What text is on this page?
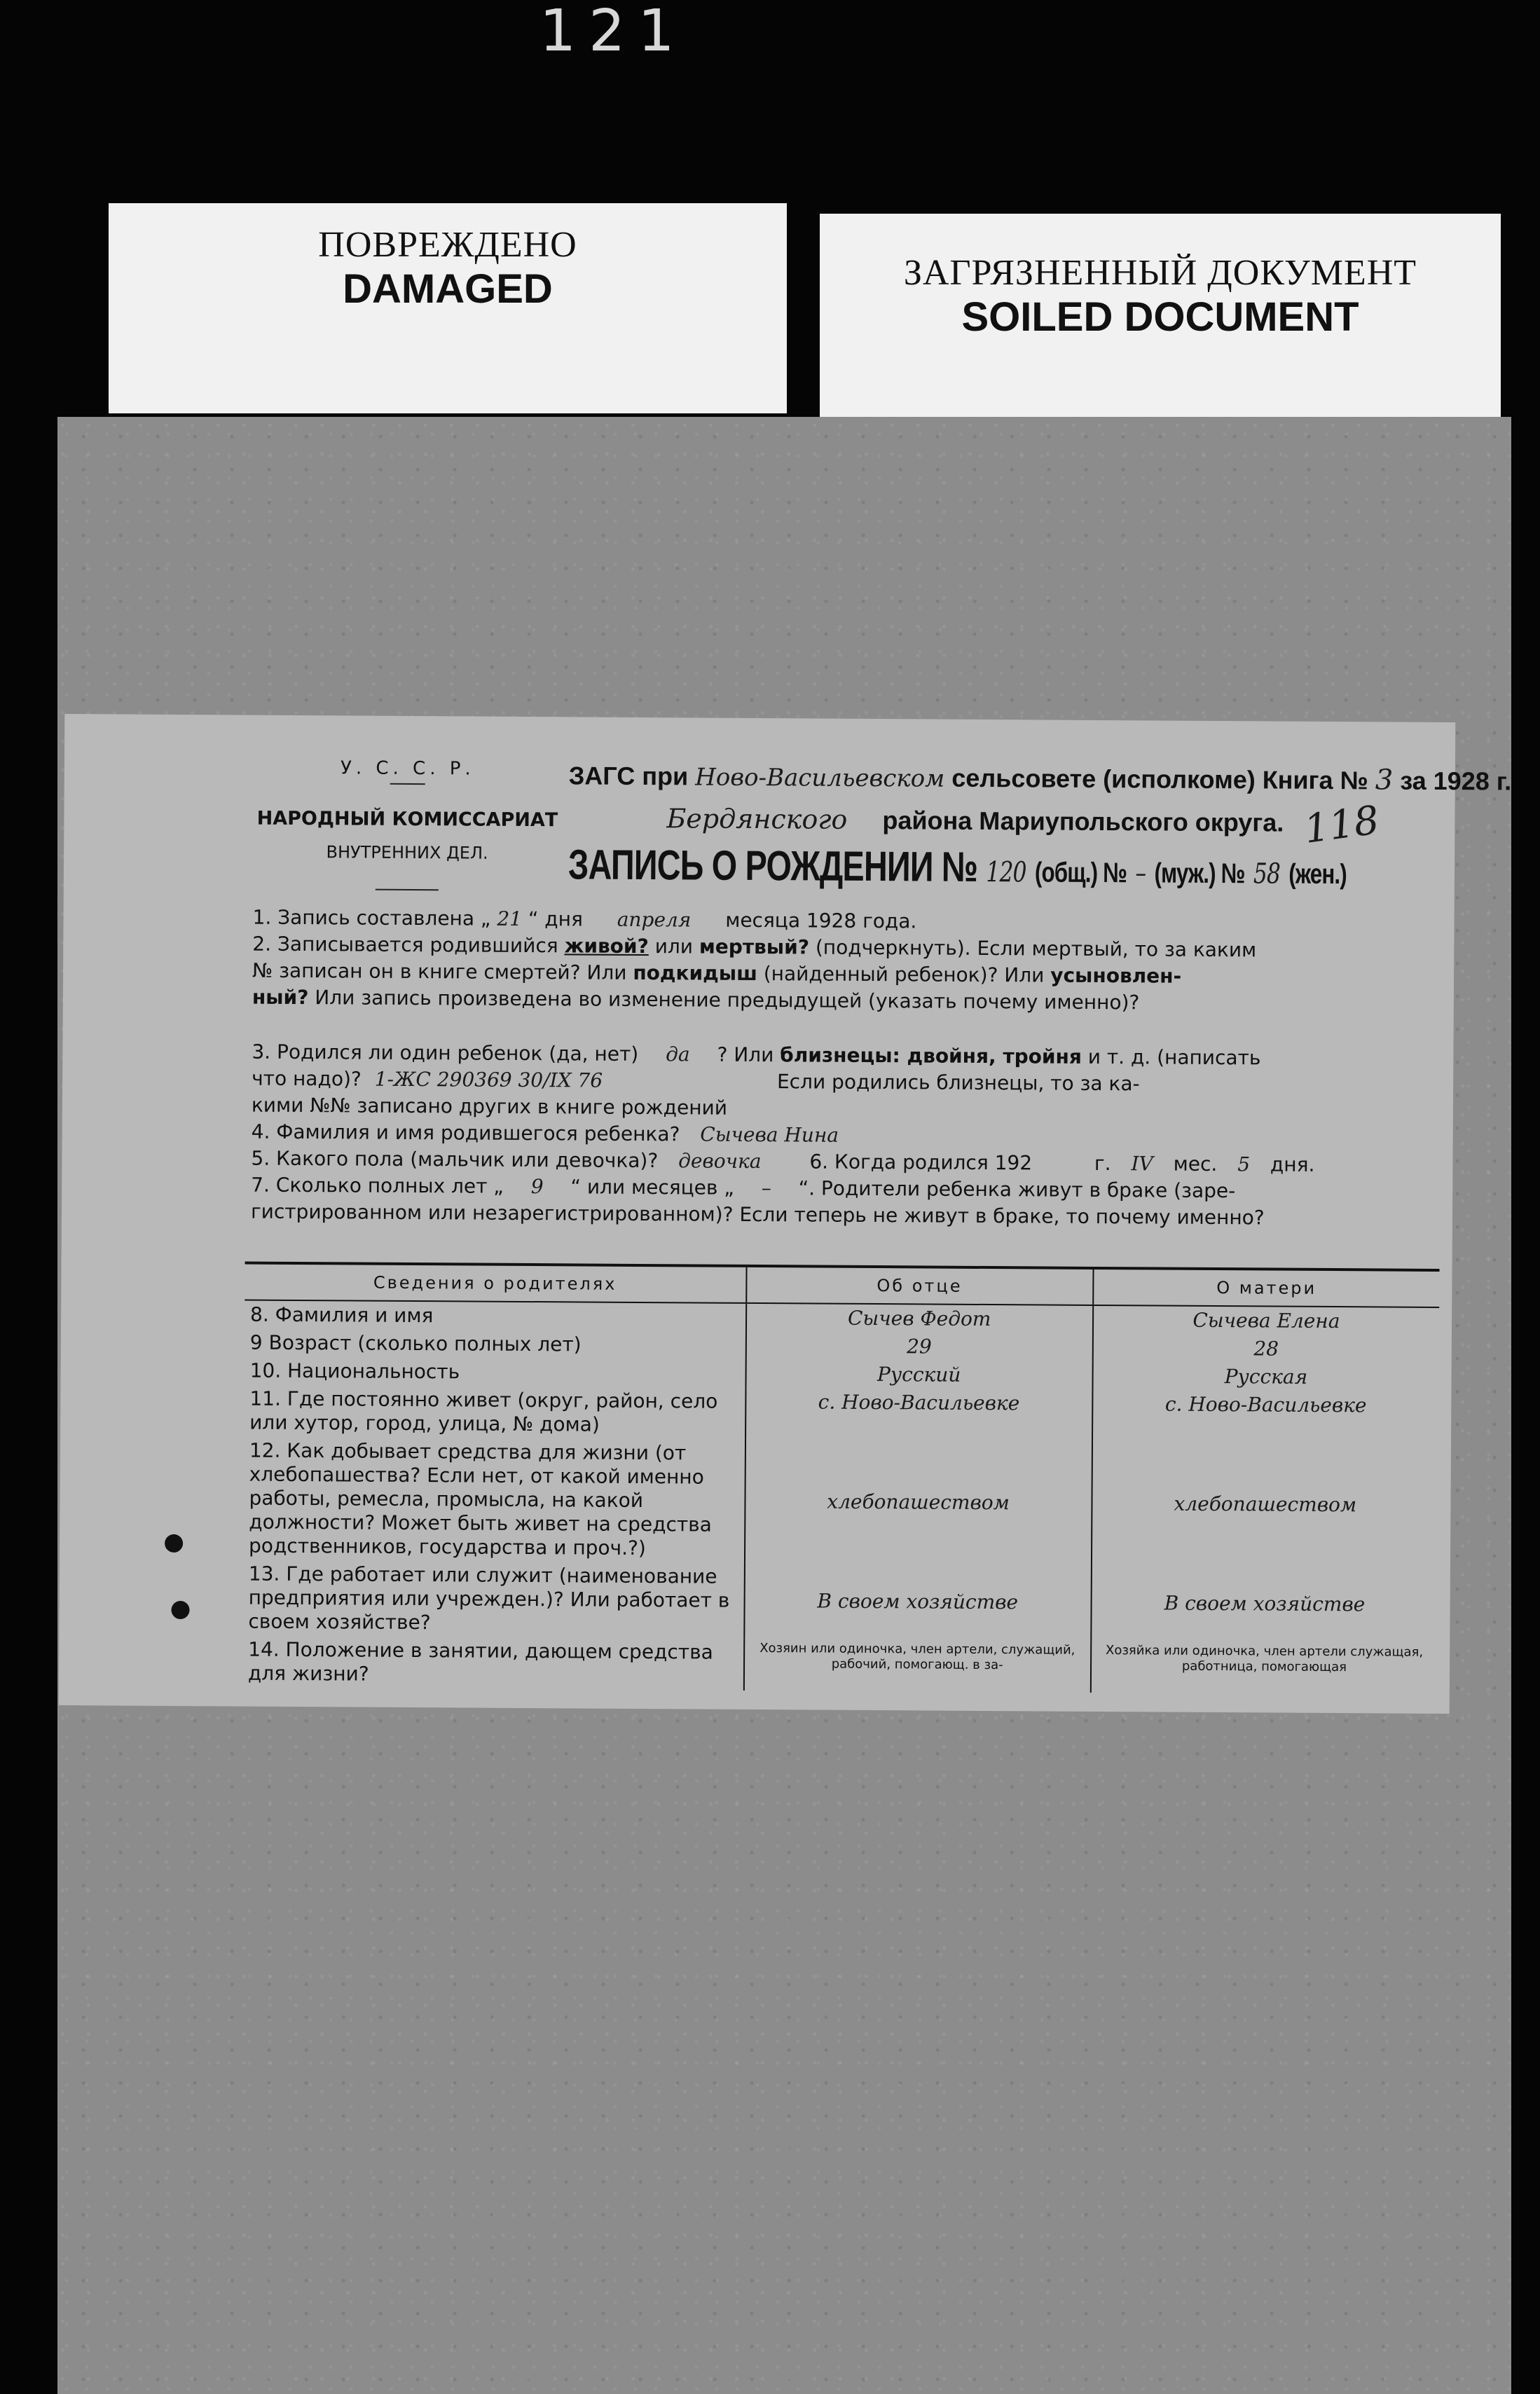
121
ПОВРЕЖДЕНО
DAMAGED	ЗАГРЯЗНЕННЫЙ ДОКУМЕНТ
SOILED DOCUMENT
У. С. С. Р.
НАРОДНЫЙ КОМИССАРИАТ
ВНУТРЕННИХ ДЕЛ.
118
ЗАГС при Ново-Васильевском сельсовете (исполкоме) Книга № 3 за 1928 г.
Бердянского района Мариупольского округа.
ЗАПИСЬ О РОЖДЕНИИ № 120 (общ.) № – (муж.) № 58 (жен.)

1. Запись составлена „ 21 “ дня апреля месяца 1928 года.

2. Записывается родившийся живой? или мертвый? (подчеркнуть). Если мертвый, то за каким

№ записан он в книге смертей? Или подкидыш (найденный ребенок)? Или усыновлен-

ный? Или запись произведена во изменение предыдущей (указать почему именно)?

3. Родился ли один ребенок (да, нет) да ? Или близнецы: двойня, тройня и т. д. (написать

что надо)? 1-ЖС 290369 30/IX 76	Если родились близнецы, то за ка-

кими №№ записано других в книге рождений

4. Фамилия и имя родившегося ребенка? Сычева Нина

5. Какого пола (мальчик или девочка)? девочка 6. Когда родился 192	г. IV мес. 5 дня.

7. Сколько полных лет „ 9 “ или месяцев „ – “. Родители ребенка живут в браке (заре-

гистрированном или незарегистрированном)? Если теперь не живут в браке, то почему именно?

Сведения о родителях	Об отце	О матери
8. Фамилия и имя	Сычев Федот	Сычева Елена
9 Возраст (сколько полных лет)	29	28
10. Национальность	Русский	Русская
11. Где постоянно живет (округ, район, село или хутор, город, улица, № дома)	с. Ново-Васильевке	с. Ново-Васильевке
12. Как добывает средства для жизни (от хлебопашества? Если нет, от какой именно работы, ремесла, промысла, на какой должности? Может быть живет на средства родственников, государства и проч.?)	хлебопашеством	хлебопашеством
13. Где работает или служит (наименование предприятия или учрежден.)? Или работает в своем хозяйстве?	В своем хозяйстве	В своем хозяйстве
14. Положение в занятии, дающем средства для жизни?	Хозяин или одиночка, член артели, служащий, рабочий, помогающ. в за-	Хозяйка или одиночка, член артели служащая, работница, помогающая
